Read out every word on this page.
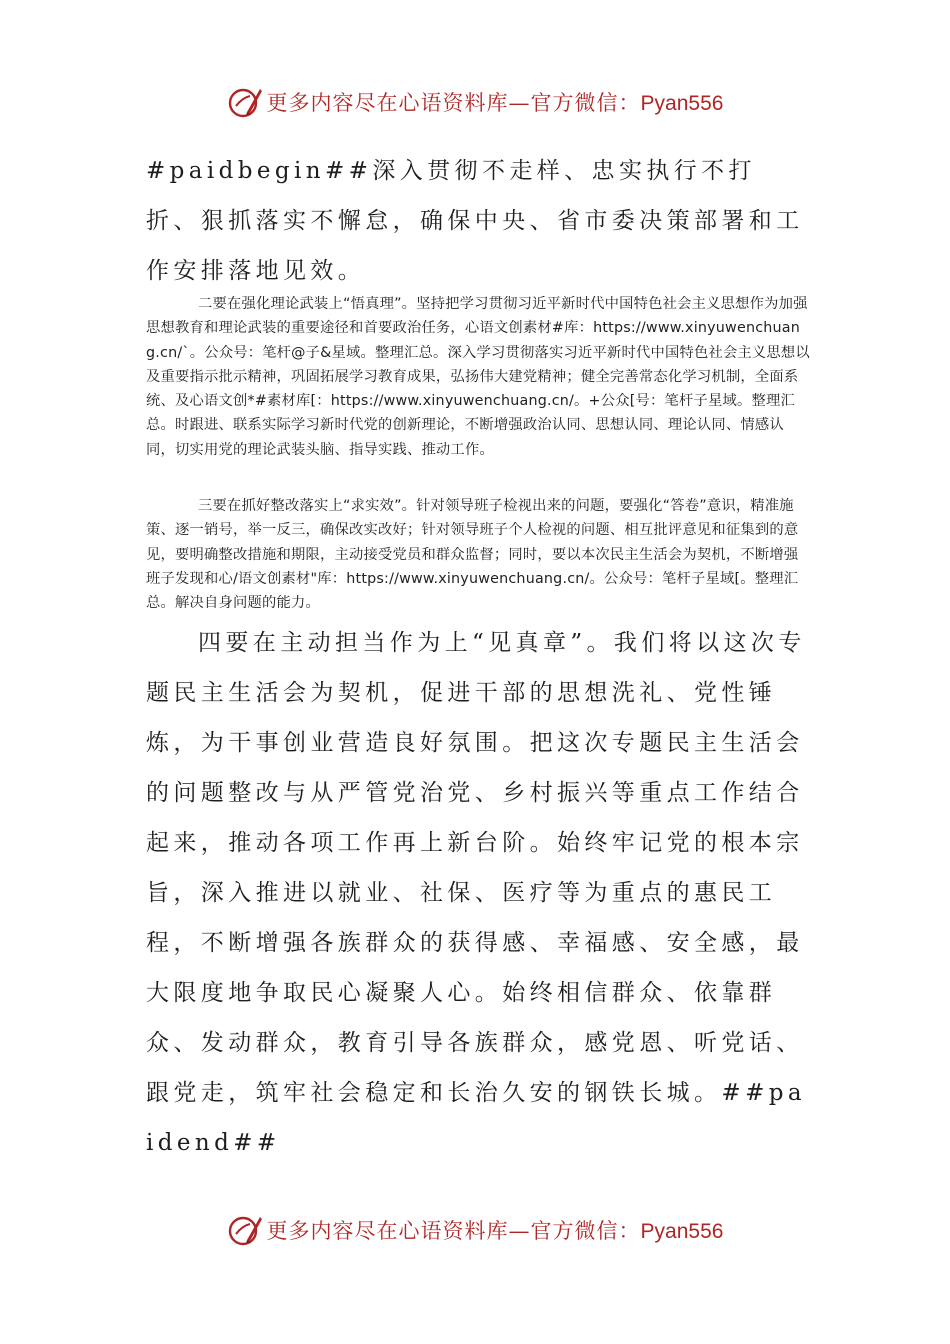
更多内容尽在心语资料库—官方微信：Pyan556

#paidbegin##深入贯彻不走样、忠实执行不打折、狠抓落实不懈怠，确保中央、省市委决策部署和工作安排落地见效。

二要在强化理论武装上“悟真理”。坚持把学习贯彻习近平新时代中国特色社会主义思想作为加强思想教育和理论武装的重要途径和首要政治任务，心语文创素材#库：https://www.xinyuwenchuang.cn/`。公众号：笔杆@子&星域。整理汇总。深入学习贯彻落实习近平新时代中国特色社会主义思想以及重要指示批示精神，巩固拓展学习教育成果，弘扬伟大建党精神；健全完善常态化学习机制，全面系统、及心语文创*#素材库[：https://www.xinyuwenchuang.cn/。+公众[号：笔杆子星域。整理汇总。时跟进、联系实际学习新时代党的创新理论，不断增强政治认同、思想认同、理论认同、情感认同，切实用党的理论武装头脑、指导实践、推动工作。

三要在抓好整改落实上“求实效”。针对领导班子检视出来的问题，要强化“答卷”意识，精准施策、逐一销号，举一反三，确保改实改好；针对领导班子个人检视的问题、相互批评意见和征集到的意见，要明确整改措施和期限，主动接受党员和群众监督；同时，要以本次民主生活会为契机，不断增强班子发现和心/语文创素材"库：https://www.xinyuwenchuang.cn/。公众号：笔杆子星域[。整理汇总。解决自身问题的能力。

四要在主动担当作为上“见真章”。我们将以这次专题民主生活会为契机，促进干部的思想洗礼、党性锤炼，为干事创业营造良好氛围。把这次专题民主生活会的问题整改与从严管党治党、乡村振兴等重点工作结合起来，推动各项工作再上新台阶。始终牢记党的根本宗旨，深入推进以就业、社保、医疗等为重点的惠民工程，不断增强各族群众的获得感、幸福感、安全感，最大限度地争取民心凝聚人心。始终相信群众、依靠群众、发动群众，教育引导各族群众，感党恩、听党话、跟党走，筑牢社会稳定和长治久安的钢铁长城。##paidend##

更多内容尽在心语资料库—官方微信：Pyan556
